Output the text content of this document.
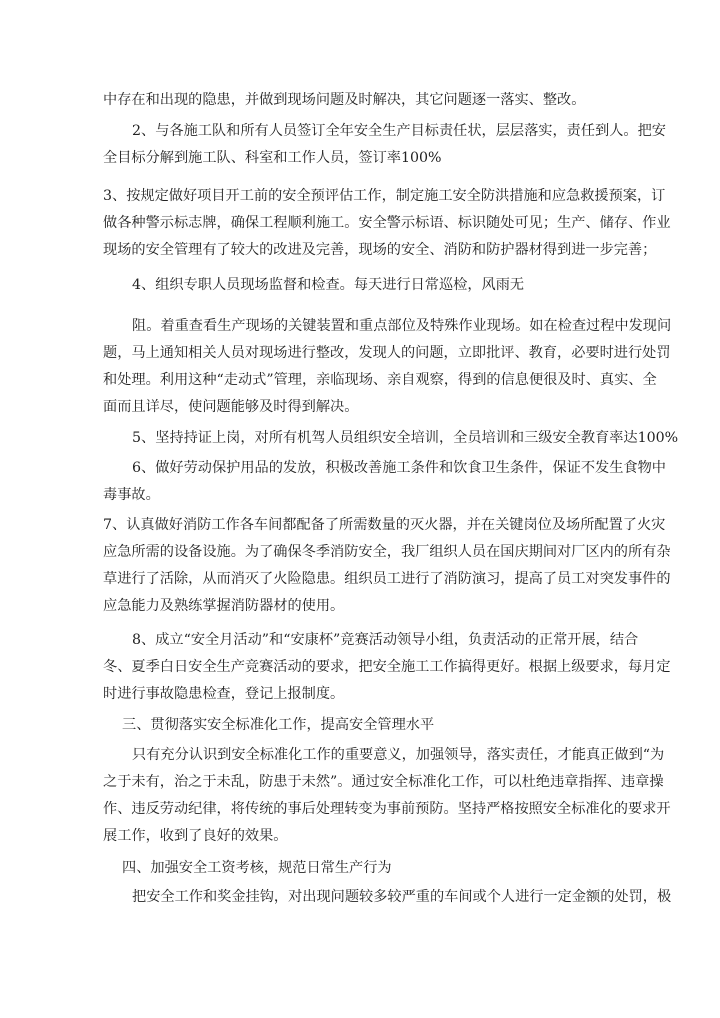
中存在和出现的隐患，并做到现场问题及时解决，其它问题逐一落实、整改。
2、与各施工队和所有人员签订全年安全生产目标责任状，层层落实，责任到人。把安
全目标分解到施工队、科室和工作人员，签订率100%
3、按规定做好项目开工前的安全预评估工作，制定施工安全防洪措施和应急救援预案，订
做各种警示标志牌，确保工程顺利施工。安全警示标语、标识随处可见；生产、储存、作业
现场的安全管理有了较大的改进及完善，现场的安全、消防和防护器材得到进一步完善；
4、组织专职人员现场监督和检查。每天进行日常巡检，风雨无
阻。着重查看生产现场的关键装置和重点部位及特殊作业现场。如在检查过程中发现问
题，马上通知相关人员对现场进行整改，发现人的问题，立即批评、教育，必要时进行处罚
和处理。利用这种“走动式”管理，亲临现场、亲自观察，得到的信息便很及时、真实、全
面而且详尽，使问题能够及时得到解决。
5、坚持持证上岗，对所有机驾人员组织安全培训，全员培训和三级安全教育率达100%
6、做好劳动保护用品的发放，积极改善施工条件和饮食卫生条件，保证不发生食物中
毒事故。
7、认真做好消防工作各车间都配备了所需数量的灭火器，并在关键岗位及场所配置了火灾
应急所需的设备设施。为了确保冬季消防安全，我厂组织人员在国庆期间对厂区内的所有杂
草进行了活除，从而消灭了火险隐患。组织员工进行了消防演习，提高了员工对突发事件的
应急能力及熟练掌握消防器材的使用。
8、成立“安全月活动”和“安康杯”竞赛活动领导小组，负责活动的正常开展，结合
冬、夏季白日安全生产竞赛活动的要求，把安全施工工作搞得更好。根据上级要求，每月定
时进行事故隐患检查，登记上报制度。
三、贯彻落实安全标准化工作，提高安全管理水平
只有充分认识到安全标准化工作的重要意义，加强领导，落实责任，才能真正做到“为
之于未有，治之于未乱，防患于未然”。通过安全标准化工作，可以杜绝违章指挥、违章操
作、违反劳动纪律，将传统的事后处理转变为事前预防。坚持严格按照安全标准化的要求开
展工作，收到了良好的效果。
四、加强安全工资考核，规范日常生产行为
把安全工作和奖金挂钩，对出现问题较多较严重的车间或个人进行一定金额的处罚，极
